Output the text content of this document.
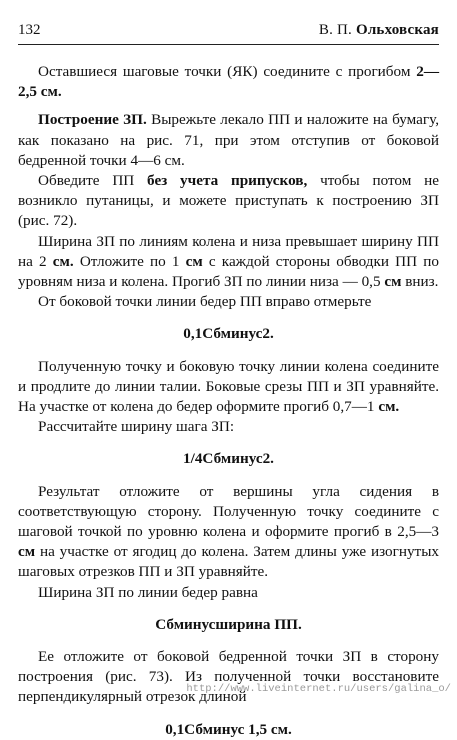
132	В. П. Ольховская

Оставшиеся шаговые точки (ЯК) соедините с прогибом 2—2,5 см.

Построение ЗП. Вырежьте лекало ПП и наложите на бумагу, как показано на рис. 71, при этом отступив от боковой бедренной точки 4—6 см.

Обведите ПП без учета припусков, чтобы потом не возникло путаницы, и можете приступать к построению ЗП (рис. 72).

Ширина ЗП по линиям колена и низа превышает ширину ПП на 2 см. Отложите по 1 см с каждой стороны обводки ПП по уровням низа и колена. Прогиб ЗП по линии низа — 0,5 см вниз.

От боковой точки линии бедер ПП вправо отмерьте

0,1Сбминус2.

Полученную точку и боковую точку линии колена соедините и продлите до линии талии. Боковые срезы ПП и ЗП уравняйте. На участке от колена до бедер оформите прогиб 0,7—1 см.

Рассчитайте ширину шага ЗП:

1/4Сбминус2.

Результат отложите от вершины угла сидения в соответствующую сторону. Полученную точку соедините с шаговой точкой по уровню колена и оформите прогиб в 2,5—3 см на участке от ягодиц до колена. Затем длины уже изогнутых шаговых отрезков ПП и ЗП уравняйте.

Ширина ЗП по линии бедер равна

Сбминусширина ПП.

Ее отложите от боковой бедренной точки ЗП в сторону построения (рис. 73). Из полученной точки восстановите перпендикулярный отрезок длиной

0,1Сбминус 1,5 см.

http://www.liveinternet.ru/users/galina_o/
